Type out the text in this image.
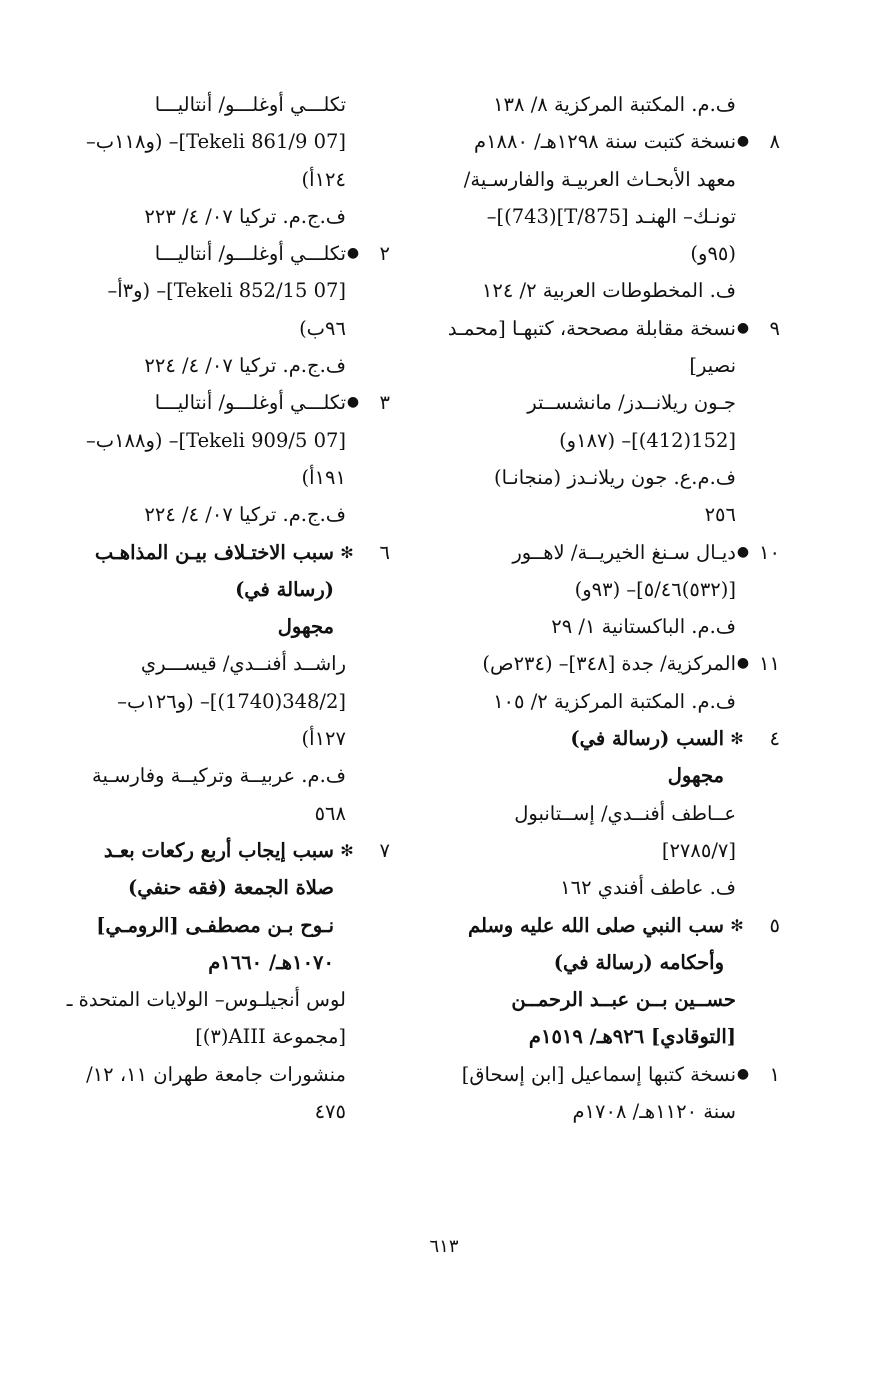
ف.م. المكتبة المركزية ٨/ ١٣٨
٨
●
نسخة كتبت سنة ١٢٩٨هـ/ ١٨٨٠م
معهد الأبحـاث العربيـة والفارسـية/
تونـك– الهنـد [T/875](743)]–
(٩٥و)
ف. المخطوطات العربية ٢/ ١٢٤
٩
●
نسخة مقابلة مصححة، كتبهـا [محمـد
نصير]
جـون ريلانــدز/ مانشســتر
[152(412)]– (١٨٧و)
ف.م.ع. جون ريلانـدز (منجانـا)
٢٥٦
١٠
●
ديـال سـنغ الخيريــة/ لاهــور
[(٥٣٢)٥/٤٦]– (٩٣و)
ف.م. الباكستانية ١/ ٢٩
١١
●
المركزية/ جدة [٣٤٨]– (٢٣٤ص)
ف.م. المكتبة المركزية ٢/ ١٠٥
٤
✻
السب (رسالة في)
مجهول
عــاطف أفنــدي/ إســتانبول
[٢٧٨٥/٧]
ف. عاطف أفندي ١٦٢
٥
✻
سب النبي صلى الله عليه وسلم
وأحكامه (رسالة في)
حســين بــن عبــد الرحمــن
[التوقادي] ٩٢٦هـ/ ١٥١٩م
١
●
نسخة كتبها إسماعيل [ابن إسحاق]
سنة ١١٢٠هـ/ ١٧٠٨م
تكلـــي أوغلـــو/ أنتاليـــا
[07 Tekeli 861/9]– (و١١٨ب–
١٢٤أ)
ف.ج.م. تركيا ٠٧/ ٤/ ٢٢٣
٢
●
تكلـــي أوغلـــو/ أنتاليـــا
[07 Tekeli 852/15]– (و٣أ–
٩٦ب)
ف.ج.م. تركيا ٠٧/ ٤/ ٢٢٤
٣
●
تكلـــي أوغلـــو/ أنتاليـــا
[07 Tekeli 909/5]– (و١٨٨ب–
١٩١أ)
ف.ج.م. تركيا ٠٧/ ٤/ ٢٢٤
٦
✻
سبب الاختـلاف بيـن المذاهـب
(رسالة في)
مجهول
راشــد أفنــدي/ قيســـري
[348/2(1740)]– (و١٢٦ب–
١٢٧أ)
ف.م. عربيــة وتركيــة وفارسـية
٥٦٨
٧
✻
سبب إيجاب أربع ركعات بعـد
صلاة الجمعة (فقه حنفي)
نـوح بـن مصطفـى [الرومـي]
١٠٧٠هـ/ ١٦٦٠م
لوس أنجيلـوس– الولايات المتحدة ـ
[مجموعة AIII(٣)]
منشورات جامعة طهران ١١، ١٢/
٤٧٥
٦١٣
